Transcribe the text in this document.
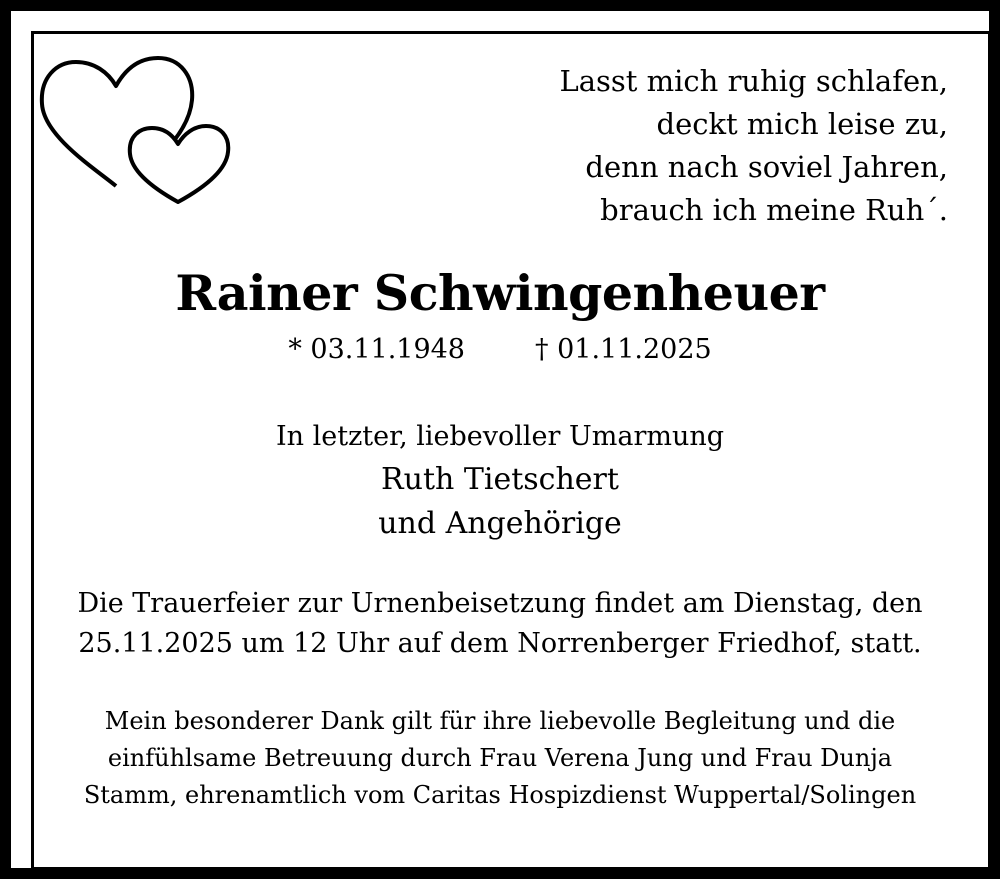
Lasst mich ruhig schlafen,
deckt mich leise zu,
denn nach soviel Jahren,
brauch ich meine Ruh´.
Rainer Schwingenheuer
* 03.11.1948	† 01.11.2025
In letzter, liebevoller Umarmung
Ruth Tietschert
und Angehörige
Die Trauerfeier zur Urnenbeisetzung findet am Dienstag, den
25.11.2025 um 12 Uhr auf dem Norrenberger Friedhof, statt.
Mein besonderer Dank gilt für ihre liebevolle Begleitung und die
einfühlsame Betreuung durch Frau Verena Jung und Frau Dunja
Stamm, ehrenamtlich vom Caritas Hospizdienst Wuppertal/Solingen
